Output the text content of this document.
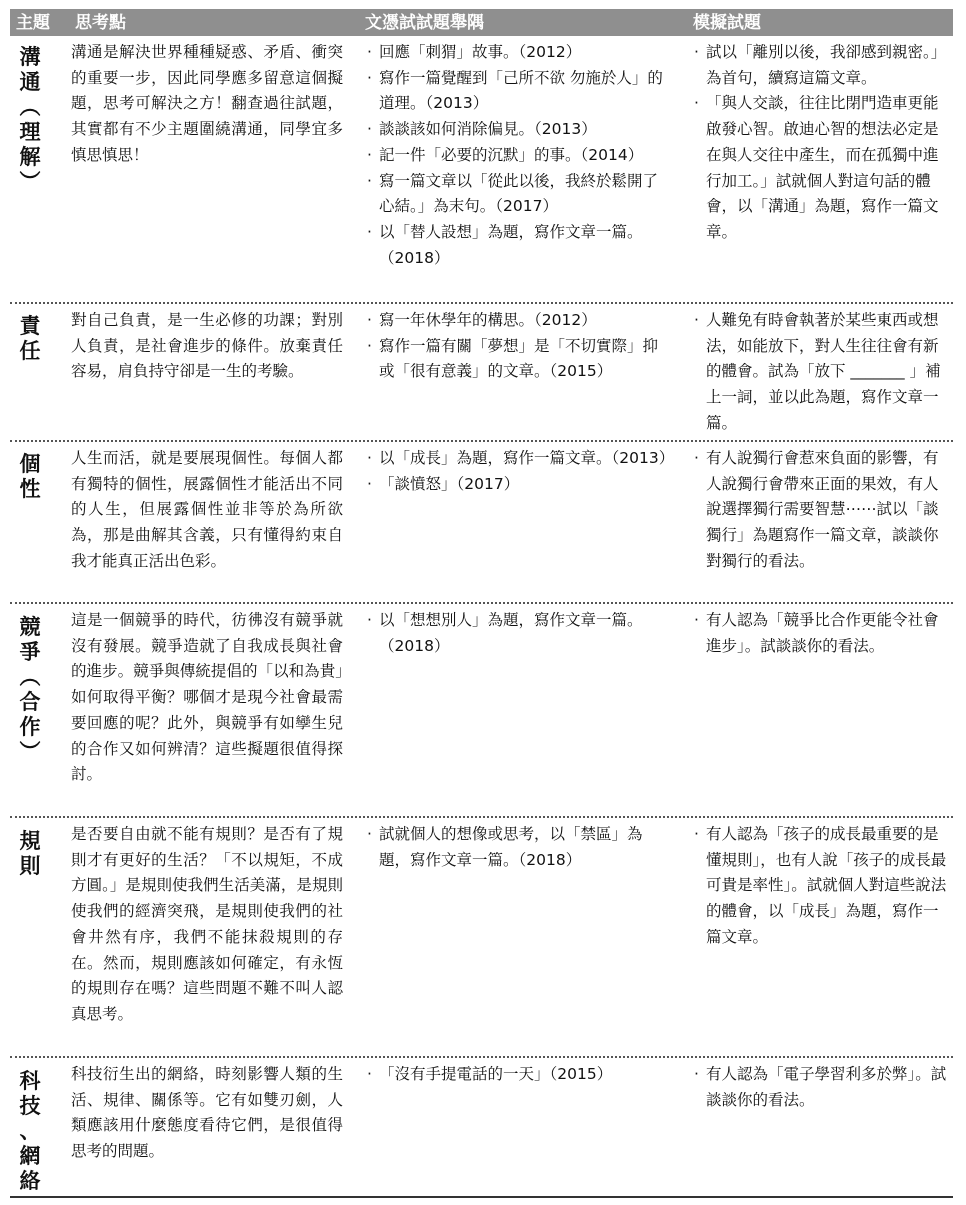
主題 思考點	文憑試試題舉隅	模擬試題
溝
通
︵
理
解
︶
溝通是解決世界種種疑惑、矛盾、衝突的重要一步，因此同學應多留意這個擬題，思考可解決之方！翻查過往試題，其實都有不少主題圍繞溝通，同學宜多慎思慎思！
· 回應「刺猬」故事。（2012）
· 寫作一篇覺醒到「己所不欲 勿施於人」的道理。（2013）
· 談談該如何消除偏見。（2013）
· 記一件「必要的沉默」的事。（2014）
· 寫一篇文章以「從此以後，我終於鬆開了心結。」為末句。（2017）
· 以「替人設想」為題，寫作文章一篇。（2018）
· 試以「離別以後，我卻感到親密。」為首句，續寫這篇文章。
· 「與人交談，往往比閉門造車更能啟發心智。啟迪心智的想法必定是在與人交往中產生，而在孤獨中進行加工。」試就個人對這句話的體會，以「溝通」為題，寫作一篇文章。
責
任
對自己負責，是一生必修的功課；對別人負責，是社會進步的條件。放棄責任容易，肩負持守卻是一生的考驗。
· 寫一年休學年的構思。（2012）
· 寫作一篇有關「夢想」是「不切實際」抑或「很有意義」的文章。（2015）
· 人難免有時會執著於某些東西或想法，如能放下，對人生往往會有新的體會。試為「放下 _______ 」補上一詞，並以此為題，寫作文章一篇。
個
性
人生而活，就是要展現個性。每個人都有獨特的個性，展露個性才能活出不同的人生，但展露個性並非等於為所欲為，那是曲解其含義，只有懂得約束自我才能真正活出色彩。
· 以「成長」為題，寫作一篇文章。（2013）
· 「談憤怒」（2017）
· 有人說獨行會惹來負面的影響，有人說獨行會帶來正面的果效，有人說選擇獨行需要智慧⋯⋯試以「談獨行」為題寫作一篇文章，談談你對獨行的看法。
競
爭
︵
合
作
︶
這是一個競爭的時代，彷彿沒有競爭就沒有發展。競爭造就了自我成長與社會的進步。競爭與傳統提倡的「以和為貴」如何取得平衡？哪個才是現今社會最需要回應的呢？此外，與競爭有如孿生兒的合作又如何辨清？這些擬題很值得探討。
· 以「想想別人」為題，寫作文章一篇。（2018）
· 有人認為「競爭比合作更能令社會進步」。試談談你的看法。
規
則
是否要自由就不能有規則？是否有了規則才有更好的生活？「不以規矩，不成方圓。」是規則使我們生活美滿，是規則使我們的經濟突飛，是規則使我們的社會井然有序，我們不能抹殺規則的存在。然而，規則應該如何確定，有永恆的規則存在嗎？這些問題不難不叫人認真思考。
· 試就個人的想像或思考，以「禁區」為題，寫作文章一篇。（2018）
· 有人認為「孩子的成長最重要的是懂規則」，也有人說「孩子的成長最可貴是率性」。試就個人對這些說法的體會，以「成長」為題，寫作一篇文章。
科
技
、
網
絡
科技衍生出的網絡，時刻影響人類的生活、規律、關係等。它有如雙刃劍，人類應該用什麼態度看待它們，是很值得思考的問題。
· 「沒有手提電話的一天」（2015）
·	有人認為「電子學習利多於弊」。試談談你的看法。
